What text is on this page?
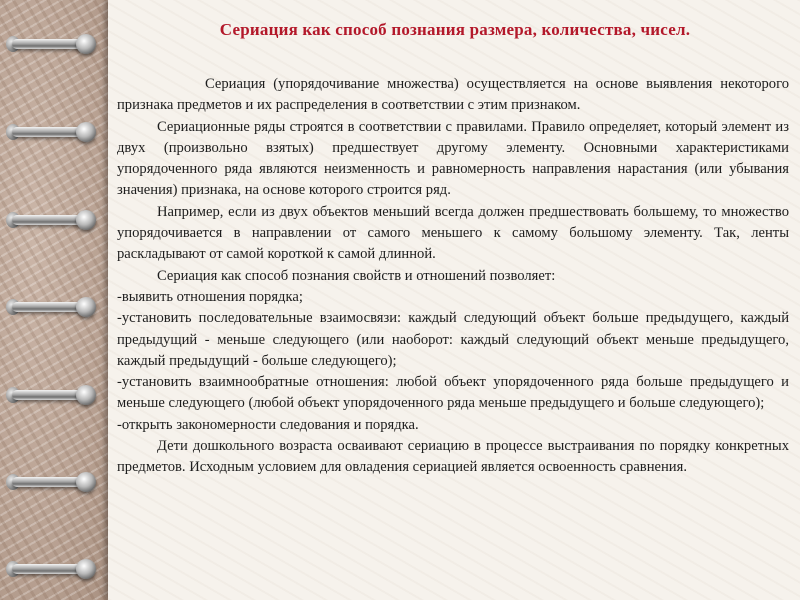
Сериация как способ познания размера, количества, чисел.

Сериация (упорядочивание множества) осуществляется на основе выявления некоторого признака предметов и их распределения в соответствии с этим признаком.

Сериационные ряды строятся в соответствии с правилами. Правило определяет, который элемент из двух (произвольно взятых) предшествует другому элементу. Основными характеристиками упорядоченного ряда являются неизменность и равномерность направления нарастания (или убывания значения) признака, на основе которого строится ряд.

Например, если из двух объектов меньший всегда должен предшествовать большему, то множество упорядочивается в направлении от самого меньшего к самому большому элементу. Так, ленты раскладывают от самой короткой к самой длинной.

Сериация как способ познания свойств и отношений позволяет:

-выявить отношения порядка;

-установить последовательные взаимосвязи: каждый следующий объект больше предыдущего, каждый предыдущий - меньше следующего (или наоборот: каждый следующий объект меньше предыдущего, каждый предыдущий - больше следующего);

-установить взаимнообратные отношения: любой объект упорядоченного ряда больше предыдущего и меньше следующего (любой объект упорядоченного ряда меньше предыдущего и больше следующего);

-открыть закономерности следования и порядка.

Дети дошкольного возраста осваивают сериацию в процессе выстраивания по порядку конкретных предметов. Исходным условием для овладения сериацией является освоенность сравнения.
